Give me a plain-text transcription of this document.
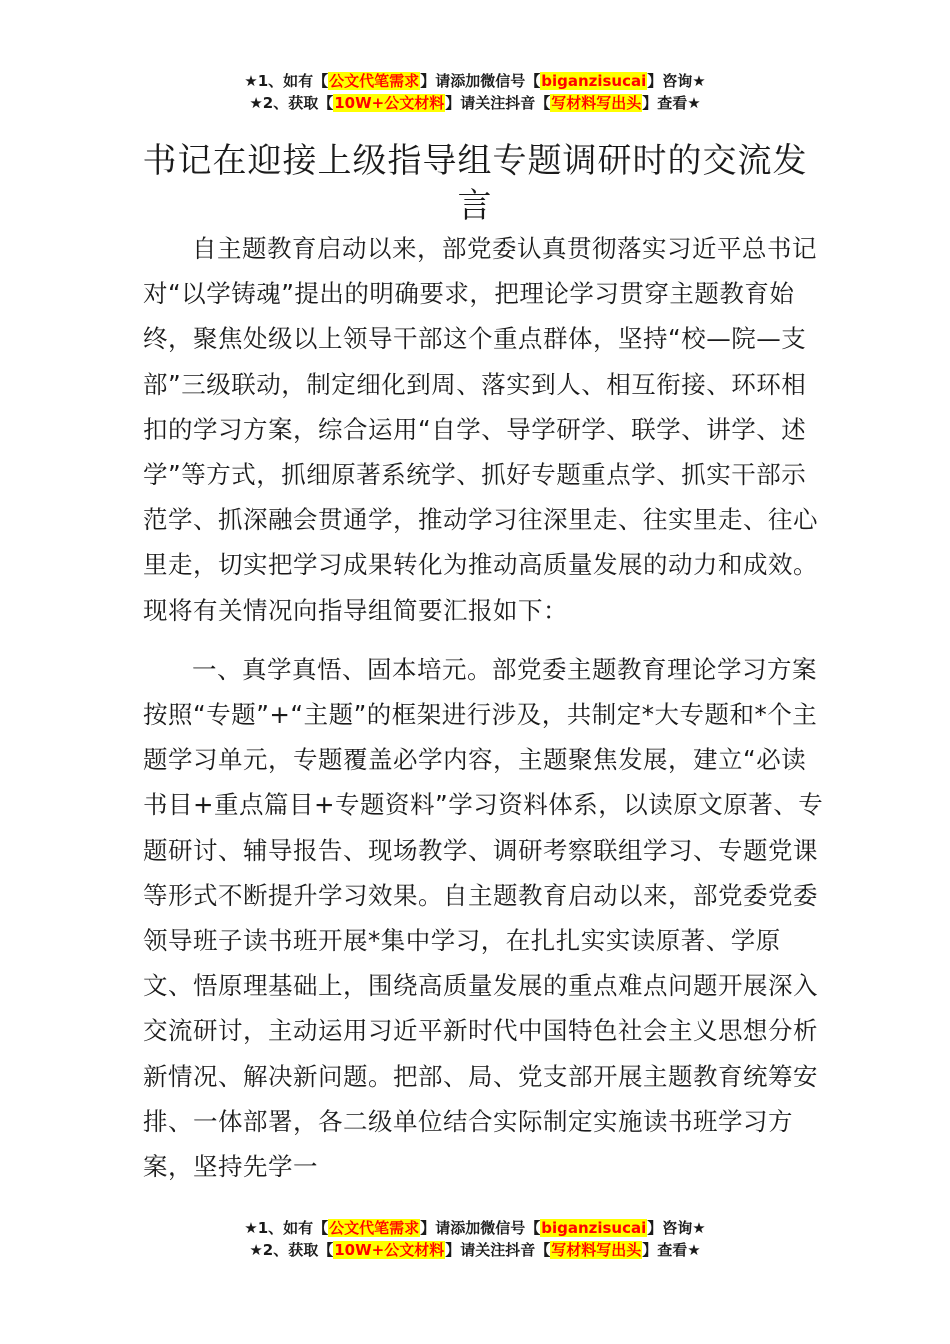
★1、如有【公文代笔需求】请添加微信号【biganzisucai】咨询★
★2、获取【10W+公文材料】请关注抖音【写材料写出头】查看★
书记在迎接上级指导组专题调研时的交流发言

自主题教育启动以来，部党委认真贯彻落实习近平总书记对“以学铸魂”提出的明确要求，把理论学习贯穿主题教育始终，聚焦处级以上领导干部这个重点群体，坚持“校—院—支部”三级联动，制定细化到周、落实到人、相互衔接、环环相扣的学习方案，综合运用“自学、导学研学、联学、讲学、述学”等方式，抓细原著系统学、抓好专题重点学、抓实干部示范学、抓深融会贯通学，推动学习往深里走、往实里走、往心里走，切实把学习成果转化为推动高质量发展的动力和成效。现将有关情况向指导组简要汇报如下：

一、真学真悟、固本培元。部党委主题教育理论学习方案按照“专题”+“主题”的框架进行涉及，共制定*大专题和*个主题学习单元，专题覆盖必学内容，主题聚焦发展，建立“必读书目+重点篇目+专题资料”学习资料体系，以读原文原著、专题研讨、辅导报告、现场教学、调研考察联组学习、专题党课等形式不断提升学习效果。自主题教育启动以来，部党委党委领导班子读书班开展*集中学习，在扎扎实实读原著、学原文、悟原理基础上，围绕高质量发展的重点难点问题开展深入交流研讨，主动运用习近平新时代中国特色社会主义思想分析新情况、解决新问题。把部、局、党支部开展主题教育统筹安排、一体部署，各二级单位结合实际制定实施读书班学习方案，坚持先学一

★1、如有【公文代笔需求】请添加微信号【biganzisucai】咨询★
★2、获取【10W+公文材料】请关注抖音【写材料写出头】查看★
